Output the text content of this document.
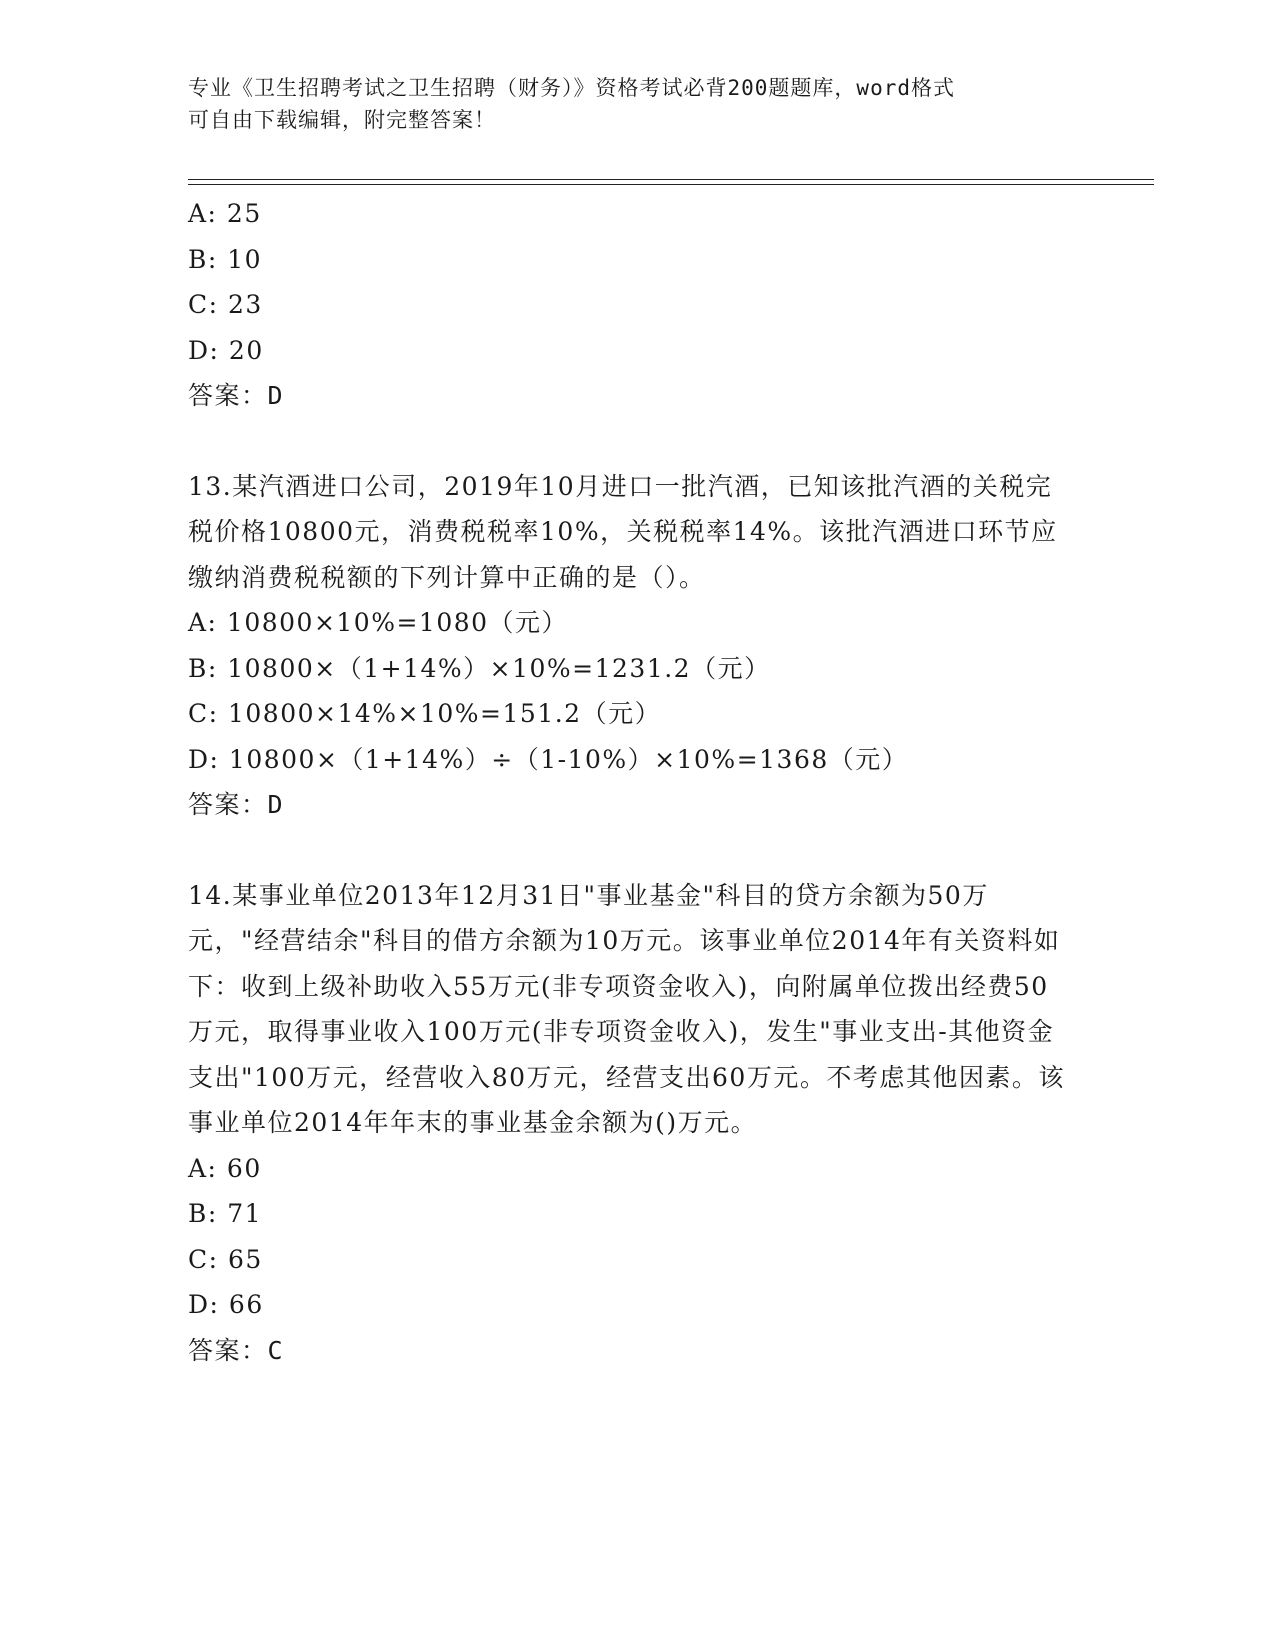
专业《卫生招聘考试之卫生招聘（财务）》资格考试必背200题题库，word格式
可自由下载编辑，附完整答案！
A: 25
B: 10
C: 23
D: 20
答案：D
13.某汽酒进口公司，2019年10月进口一批汽酒，已知该批汽酒的关税完税价格10800元，消费税税率10%，关税税率14%。该批汽酒进口环节应缴纳消费税税额的下列计算中正确的是（）。
A: 10800×10%=1080（元）
B: 10800×（1+14%）×10%=1231.2（元）
C: 10800×14%×10%=151.2（元）
D: 10800×（1+14%）÷（1-10%）×10%=1368（元）
答案：D
14.某事业单位2013年12月31日"事业基金"科目的贷方余额为50万元，"经营结余"科目的借方余额为10万元。该事业单位2014年有关资料如下：收到上级补助收入55万元(非专项资金收入)，向附属单位拨出经费50万元，取得事业收入100万元(非专项资金收入)，发生"事业支出-其他资金支出"100万元，经营收入80万元，经营支出60万元。不考虑其他因素。该事业单位2014年年末的事业基金余额为()万元。
A: 60
B: 71
C: 65
D: 66
答案：C
